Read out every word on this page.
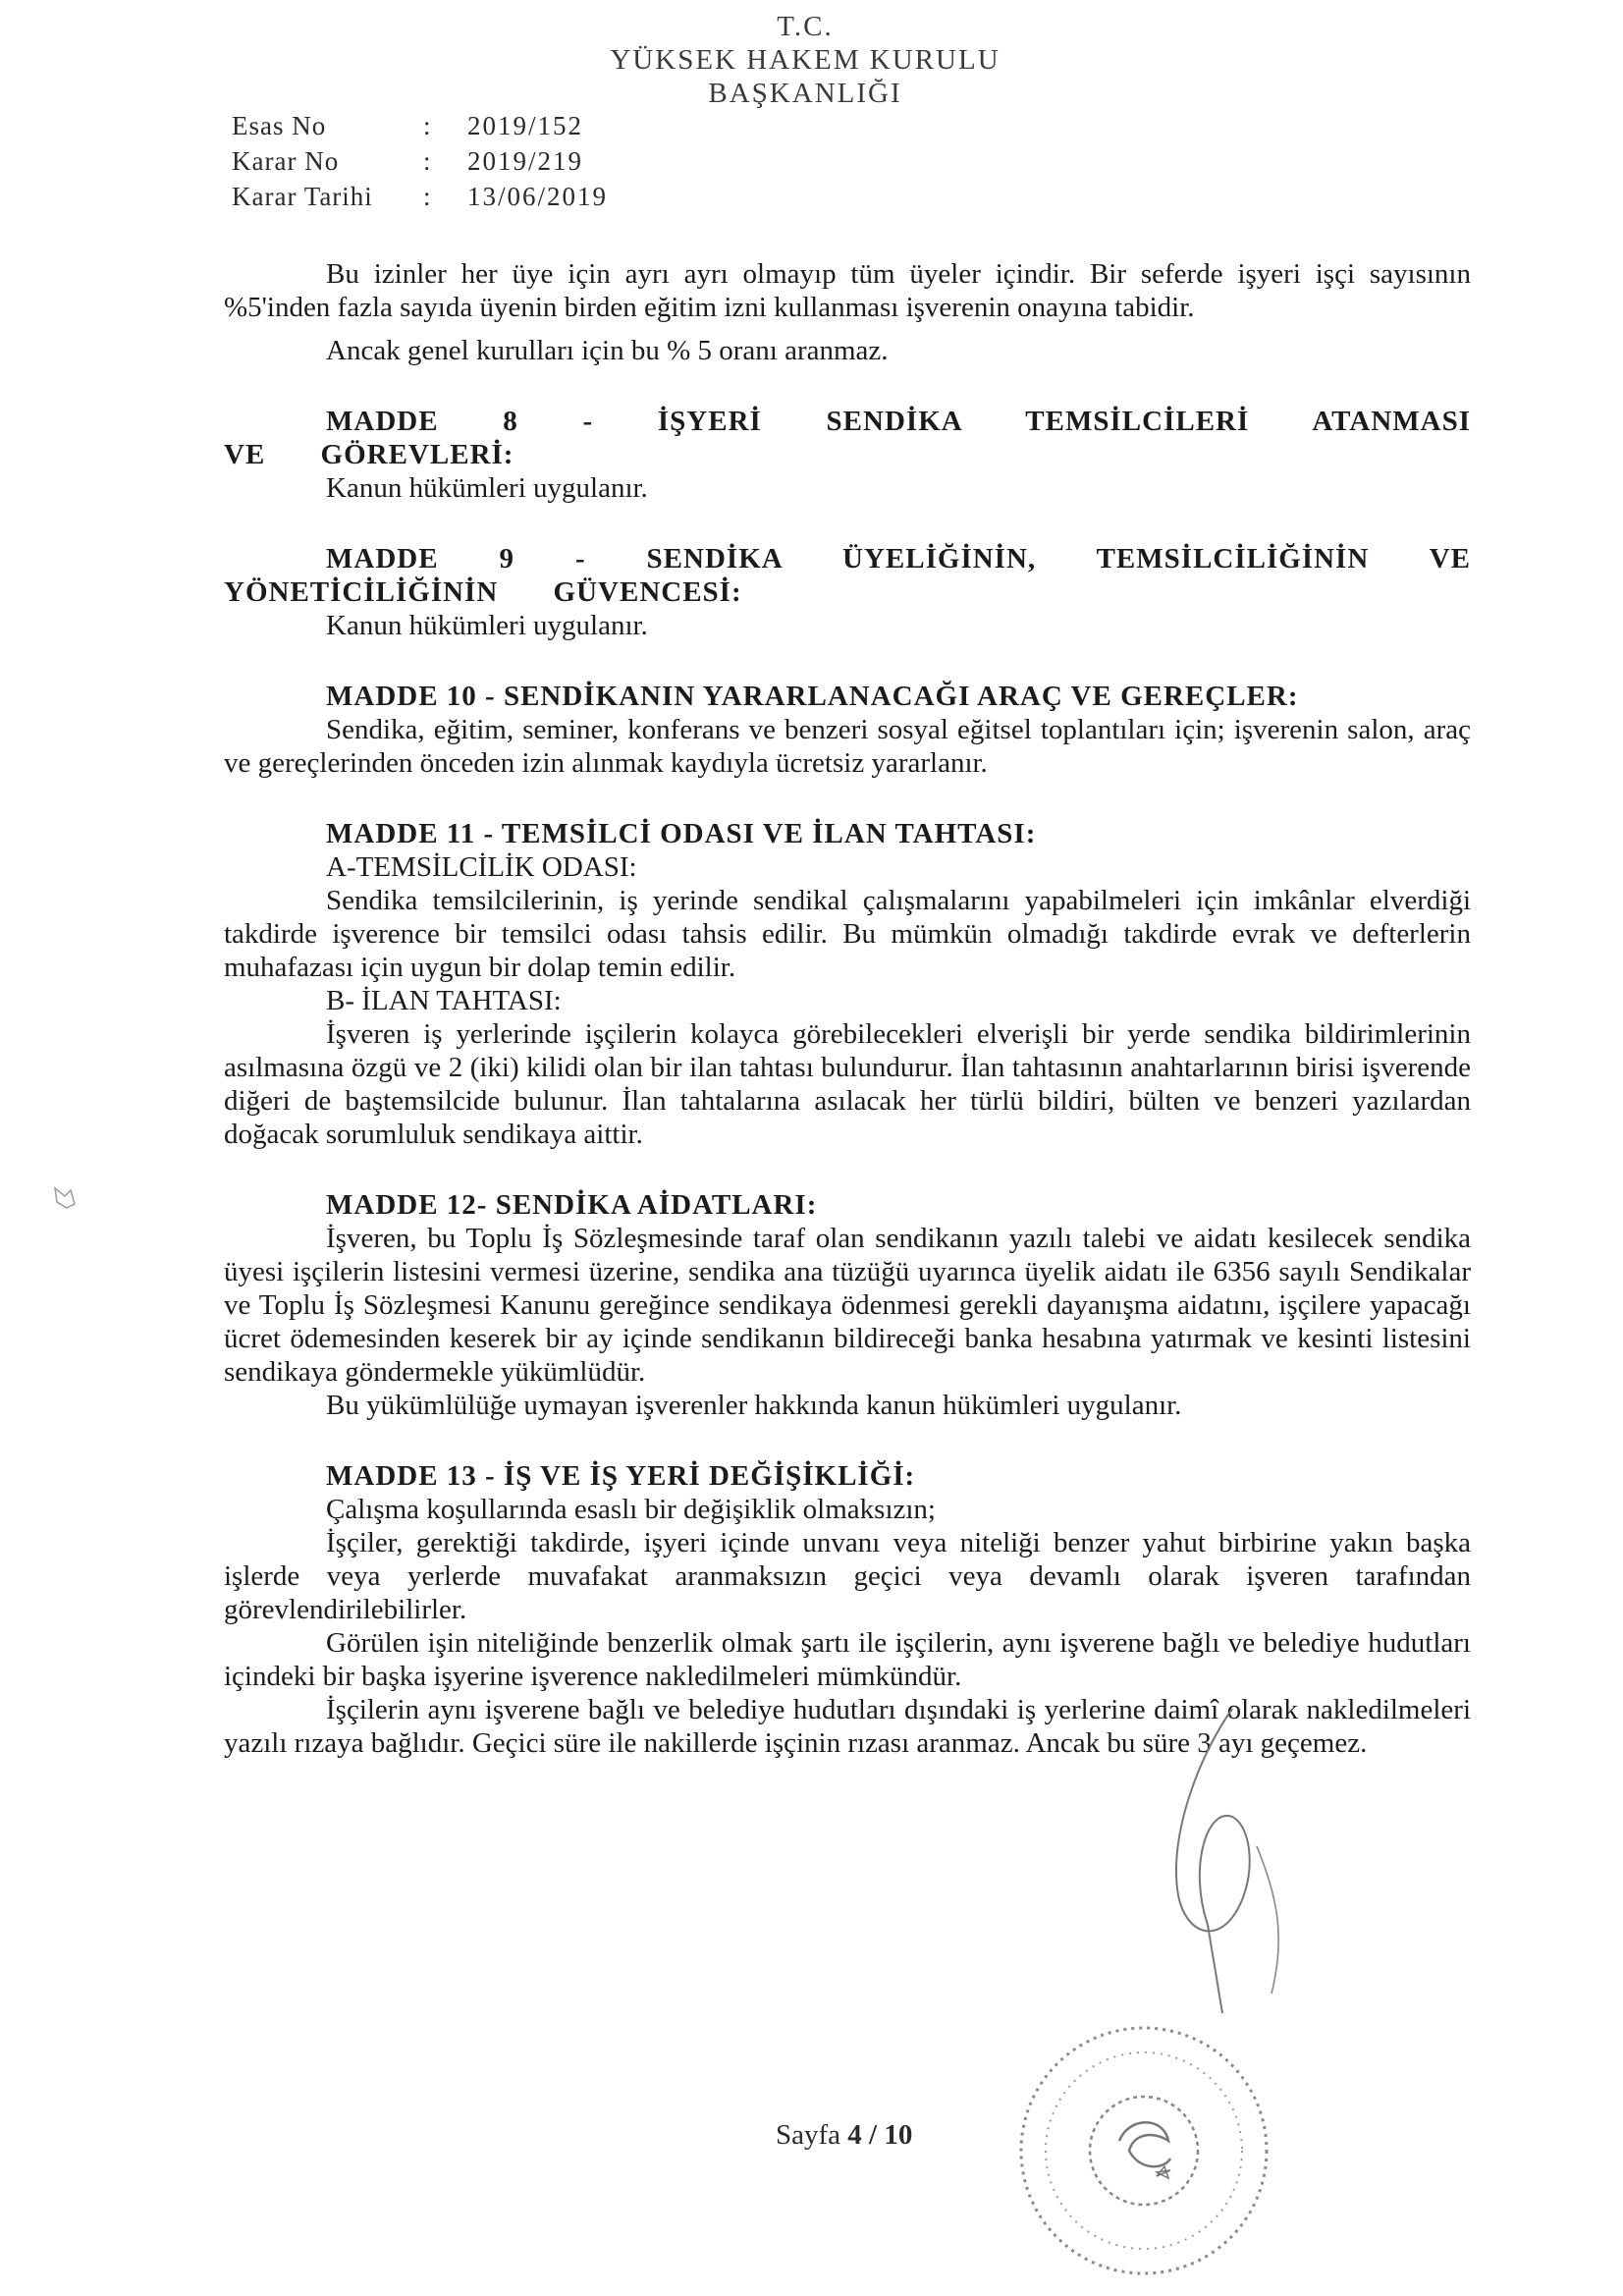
T.C.
YÜKSEK HAKEM KURULU
BAŞKANLIĞI
Esas No	:	2019/152
Karar No	:	2019/219
Karar Tarihi	:	13/06/2019
Bu izinler her üye için ayrı ayrı olmayıp tüm üyeler içindir. Bir seferde işyeri işçi sayısının %5'inden fazla sayıda üyenin birden eğitim izni kullanması işverenin onayına tabidir.
Ancak genel kurulları için bu % 5 oranı aranmaz.
MADDE 8 - İŞYERİ SENDİKA TEMSİLCİLERİ ATANMASI VE GÖREVLERİ:
Kanun hükümleri uygulanır.
MADDE 9 - SENDİKA ÜYELİĞİNİN, TEMSİLCİLİĞİNİN VE YÖNETİCİLİĞİNİN GÜVENCESİ:
Kanun hükümleri uygulanır.
MADDE 10 - SENDİKANIN YARARLANACAĞI ARAÇ VE GEREÇLER:
Sendika, eğitim, seminer, konferans ve benzeri sosyal eğitsel toplantıları için; işverenin salon, araç ve gereçlerinden önceden izin alınmak kaydıyla ücretsiz yararlanır.
MADDE 11 - TEMSİLCİ ODASI VE İLAN TAHTASI:
A-TEMSİLCİLİK ODASI:
Sendika temsilcilerinin, iş yerinde sendikal çalışmalarını yapabilmeleri için imkânlar elverdiği takdirde işverence bir temsilci odası tahsis edilir. Bu mümkün olmadığı takdirde evrak ve defterlerin muhafazası için uygun bir dolap temin edilir.
B- İLAN TAHTASI:
İşveren iş yerlerinde işçilerin kolayca görebilecekleri elverişli bir yerde sendika bildirimlerinin asılmasına özgü ve 2 (iki) kilidi olan bir ilan tahtası bulundurur. İlan tahtasının anahtarlarının birisi işverende diğeri de baştemsilcide bulunur. İlan tahtalarına asılacak her türlü bildiri, bülten ve benzeri yazılardan doğacak sorumluluk sendikaya aittir.
MADDE 12- SENDİKA AİDATLARI:
İşveren, bu Toplu İş Sözleşmesinde taraf olan sendikanın yazılı talebi ve aidatı kesilecek sendika üyesi işçilerin listesini vermesi üzerine, sendika ana tüzüğü uyarınca üyelik aidatı ile 6356 sayılı Sendikalar ve Toplu İş Sözleşmesi Kanunu gereğince sendikaya ödenmesi gerekli dayanışma aidatını, işçilere yapacağı ücret ödemesinden keserek bir ay içinde sendikanın bildireceği banka hesabına yatırmak ve kesinti listesini sendikaya göndermekle yükümlüdür.
Bu yükümlülüğe uymayan işverenler hakkında kanun hükümleri uygulanır.
MADDE 13 - İŞ VE İŞ YERİ DEĞİŞİKLİĞİ:
Çalışma koşullarında esaslı bir değişiklik olmaksızın;
İşçiler, gerektiği takdirde, işyeri içinde unvanı veya niteliği benzer yahut birbirine yakın başka işlerde veya yerlerde muvafakat aranmaksızın geçici veya devamlı olarak işveren tarafından görevlendirilebilirler.
Görülen işin niteliğinde benzerlik olmak şartı ile işçilerin, aynı işverene bağlı ve belediye hudutları içindeki bir başka işyerine işverence nakledilmeleri mümkündür.
İşçilerin aynı işverene bağlı ve belediye hudutları dışındaki iş yerlerine daimî olarak nakledilmeleri yazılı rızaya bağlıdır. Geçici süre ile nakillerde işçinin rızası aranmaz. Ancak bu süre 3 ayı geçemez.
Sayfa 4 / 10
